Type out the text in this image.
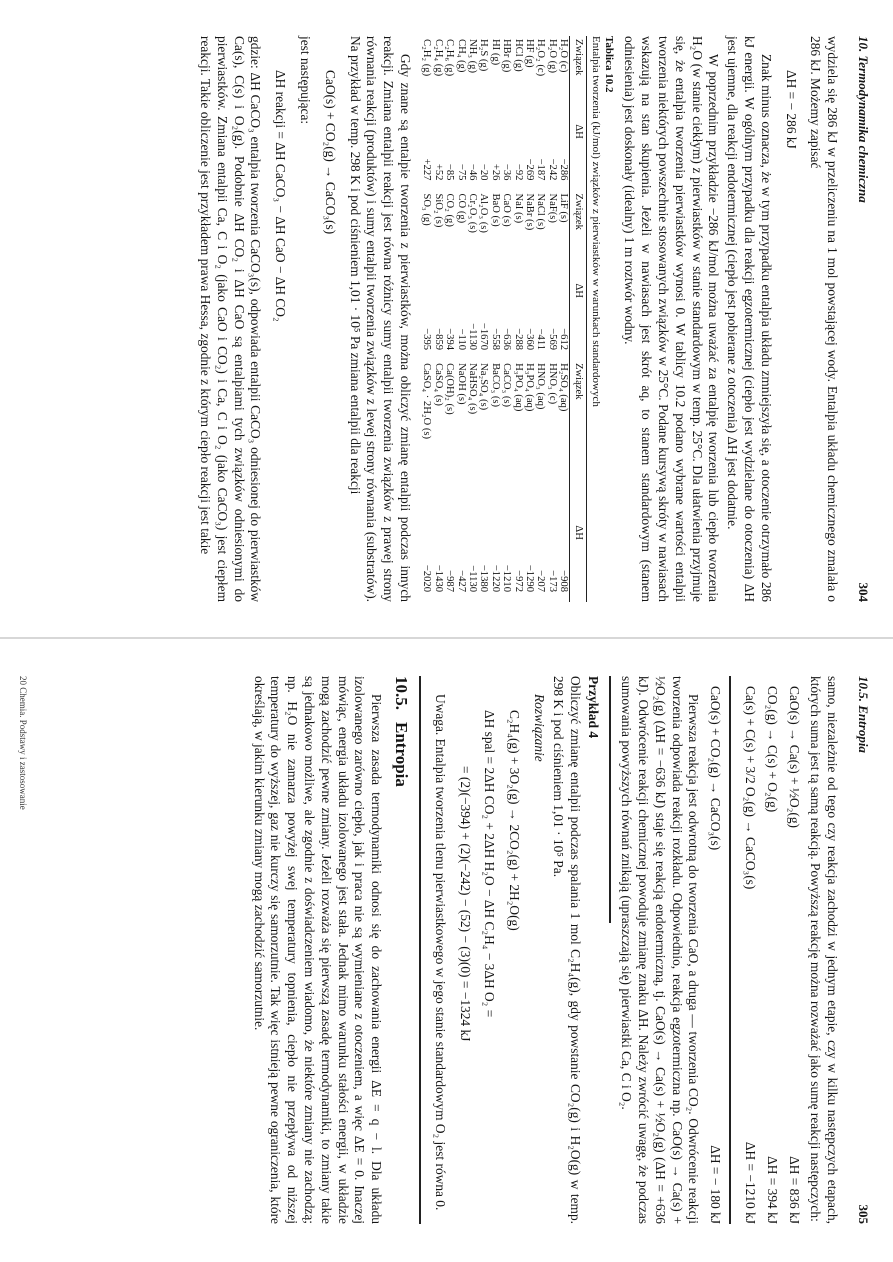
10. Termodynamika chemiczna
304

wydziela się 286 kJ w przeliczeniu na 1 mol powstającej wody. Entalpia układu chemicznego zmalała o 286 kJ. Możemy zapisać

ΔH = − 286 kJ

Znak minus oznacza, że w tym przypadku entalpia układu zmniejszyła się, a otoczenie otrzymało 286 kJ energii. W ogólnym przypadku dla reakcji egzotermicznej (ciepło jest wydzielane do otoczenia) ΔH jest ujemne, dla reakcji endotermicznej (ciepło jest pobierane z otoczenia) ΔH jest dodatnie.

W poprzednim przykładzie −286 kJ/mol można uważać za entalpię tworzenia lub ciepło tworzenia H₂O (w stanie ciekłym) z pierwiastków w stanie standardowym w temp. 25°C. Dla ułatwienia przyjmuje się, że entalpia tworzenia pierwiastków wynosi 0. W tablicy 10.2 podano wybrane wartości entalpii tworzenia niektórych powszechnie stosowanych związków w 25°C. Podane kursywą skróty w nawiasach wskazują na stan skupienia. Jeżeli w nawiasach jest skrót aq, to stanem standardowym (stanem odniesienia) jest doskonały (idealny) 1 m roztwór wodny.

Tablica 10.2
Entalpia tworzenia (kJ/mol) związków z pierwiastków w warunkach standardowych
Związek	ΔH	Związek	ΔH	Związek	ΔH
H₂O (c)	−286	LiF (s)	−612	H₂SO₄ (aq)	−908
H₂O (g)	−242	NaF(s)	−569	HNO₃ (c)	−173
H₂O₂ (c)	−187	NaCl (s)	−411	HNO₃ (aq)	−207
HF (g)	−269	NaBr (s)	−360	H₃PO₄ (aq)	−1290
HCl (g)	−92	NaI (s)	−288	H₃PO₄ (aq)	−972
HBr (g)	−36	CaO (s)	−636	CaCO₃ (s)	−1210
HI (g)	+26	BaO (s)	−558	BaCO₃ (s)	−1220
H₂S (g)	−20	Al₂O₃ (s)	−1670	Na₂SO₄ (s)	−1380
NH₃ (g)	−46	Cr₂O₃ (s)	−1130	NaHSO₄ (s)	−1130
CH₄ (g)	−75	CO (g)	−110	NaOH (s)	−427
C₂H₆ (g)	−85	CO₂ (g)	−394	Ca(OH)₂ (s)	−987
C₂H₄ (g)	+52	SiO₂ (s)	−859	CaSO₄ (s)	−1430
C₂H₂ (g)	+227	SO₃ (g)	−395	CaSO₄ · 2H₂O (s)	−2020

Gdy znane są entalpie tworzenia z pierwiastków, można obliczyć zmianę entalpii podczas innych reakcji. Zmiana entalpii reakcji jest równa różnicy sumy entalpii tworzenia związków z prawej strony równania reakcji (produktów) i sumy entalpii tworzenia związków z lewej strony równania (substratów). Na przykład w temp. 298 K i pod ciśnieniem 1,01 · 10⁵ Pa zmiana entalpii dla reakcji

CaO(s) + CO₂(g) → CaCO₃(s)

jest następująca:

ΔH reakcji = ΔH CaCO₃ − ΔH CaO − ΔH CO₂

gdzie: ΔH CaCO₃ entalpia tworzenia CaCO₃(s), odpowiada entalpii CaCO₃ odniesionej do pierwiastków Ca(s), C(s) i O₂(g). Podobnie ΔH CO₂ i ΔH CaO są entalpiami tych związków odniesionymi do pierwiastków. Zmiana entalpii Ca, C i O₂ (jako CaO i CO₂) i Ca, C i O₂ (jako CaCO₃) jest ciepłem reakcji. Takie obliczenie jest przykładem prawa Hessa, zgodnie z którym ciepło reakcji jest takie

10.5. Entropia
305

samo, niezależnie od tego czy reakcja zachodzi w jednym etapie, czy w kilku następczych etapach, których suma jest tą samą reakcją. Powyższą reakcję można rozważać jako sumę reakcji następczych:

CaO(s) → Ca(s) + ½O₂(g)
ΔH = 836 kJ
CO₂(g) → C(s) + O₂(g)
ΔH = 394 kJ
Ca(s) + C(s) + 3/2 O₂(g) → CaCO₃(s)
ΔH = −1210 kJ
CaO(s) + CO₂(g) → CaCO₃(s)
ΔH = − 180 kJ

Pierwsza reakcja jest odwrotną do tworzenia CaO, a druga — tworzenia CO₂. Odwrócenie reakcji tworzenia odpowiada reakcji rozkładu. Odpowiednio, reakcja egzotermiczna np. CaO(s) → Ca(s) + ½O₂(g) (ΔH = −636 kJ) staje się reakcją endotermiczną, tj. CaO(s) → Ca(s) + ½O₂(g) (ΔH = +636 kJ). Odwrócenie reakcji chemicznej powoduje zmianę znaku ΔH. Należy zwrócić uwagę, że podczas sumowania powyższych równań znikają (upraszczają się) pierwiastki Ca, C i O₂.

Przykład 4

Obliczyć zmianę entalpii podczas spalania 1 mol C₂H₄(g), gdy powstanie CO₂(g) i H₂O(g) w temp. 298 K i pod ciśnieniem 1,01 · 10⁵ Pa.

Rozwiązanie

C₂H₄(g) + 3O₂(g) → 2CO₂(g) + 2H₂O(g)
ΔH spal = 2ΔH CO₂ + 2ΔH H₂O − ΔH C₂H₄ − 3ΔH O₂ =
= (2)(−394) + (2)(−242) − (52) − (3)(0) = −1324 kJ

Uwaga. Entalpia tworzenia tlenu pierwiastkowego w jego stanie standardowym O₂ jest równa 0.

10.5.Entropia

Pierwsza zasada termodynamiki odnosi się do zachowania energii ΔE = q − l. Dla układu izolowanego zarówno ciepło, jak i praca nie są wymieniane z otoczeniem, a więc ΔE = 0. Inaczej mówiąc, energia układu izolowanego jest stała. Jednak mimo warunku stałości energii, w układzie mogą zachodzić pewne zmiany. Jeżeli rozważa się pierwszą zasadę termodynamiki, to zmiany takie są jednakowo możliwe, ale zgodnie z doświadczeniem wiadomo, że niektóre zmiany nie zachodzą; np. H₂O nie zamarza powyżej swej temperatury topnienia, ciepło nie przepływa od niższej temperatury do wyższej, gaz nie kurczy się samorzutnie. Tak więc istnieją pewne ograniczenia, które określają, w jakim kierunku zmiany mogą zachodzić samorzutnie.

20 Chemia. Podstawy i zastosowanie
